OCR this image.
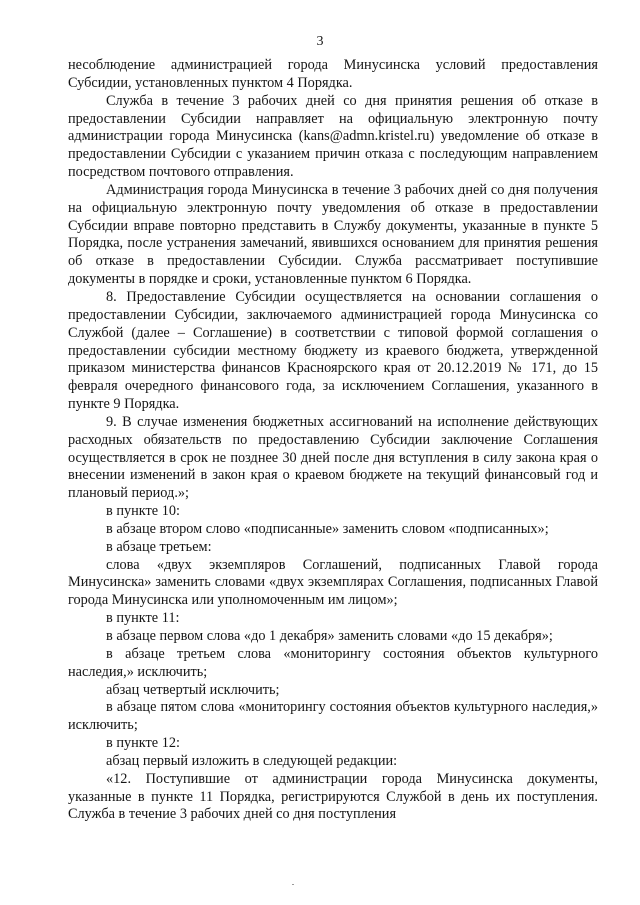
3

несоблюдение администрацией города Минусинска условий предоставления Субсидии, установленных пунктом 4 Порядка.

Служба в течение 3 рабочих дней со дня принятия решения об отказе в предоставлении Субсидии направляет на официальную электронную почту администрации города Минусинска (kans@admn.kristel.ru) уведомление об отказе в предоставлении Субсидии с указанием причин отказа с последующим направлением посредством почтового отправления.

Администрация города Минусинска в течение 3 рабочих дней со дня получения на официальную электронную почту уведомления об отказе в предоставлении Субсидии вправе повторно представить в Службу документы, указанные в пункте 5 Порядка, после устранения замечаний, явившихся основанием для принятия решения об отказе в предоставлении Субсидии. Служба рассматривает поступившие документы в порядке и сроки, установленные пунктом 6 Порядка.

8. Предоставление Субсидии осуществляется на основании соглашения о предоставлении Субсидии, заключаемого администрацией города Минусинска со Службой (далее – Соглашение) в соответствии с типовой формой соглашения о предоставлении субсидии местному бюджету из краевого бюджета, утвержденной приказом министерства финансов Красноярского края от 20.12.2019 № 171, до 15 февраля очередного финансового года, за исключением Соглашения, указанного в пункте 9 Порядка.

9. В случае изменения бюджетных ассигнований на исполнение действующих расходных обязательств по предоставлению Субсидии заключение Соглашения осуществляется в срок не позднее 30 дней после дня вступления в силу закона края о внесении изменений в закон края о краевом бюджете на текущий финансовый год и плановый период.»;

в пункте 10:

в абзаце втором слово «подписанные» заменить словом «подписанных»;

в абзаце третьем:

слова «двух экземпляров Соглашений, подписанных Главой города Минусинска» заменить словами «двух экземплярах Соглашения, подписанных Главой города Минусинска или уполномоченным им лицом»;

в пункте 11:

в абзаце первом слова «до 1 декабря» заменить словами «до 15 декабря»;

в абзаце третьем слова «мониторингу состояния объектов культурного наследия,» исключить;

абзац четвертый исключить;

в абзаце пятом слова «мониторингу состояния объектов культурного наследия,» исключить;

в пункте 12:

абзац первый изложить в следующей редакции:

«12. Поступившие от администрации города Минусинска документы, указанные в пункте 11 Порядка, регистрируются Службой в день их поступления. Служба в течение 3 рабочих дней со дня поступления
